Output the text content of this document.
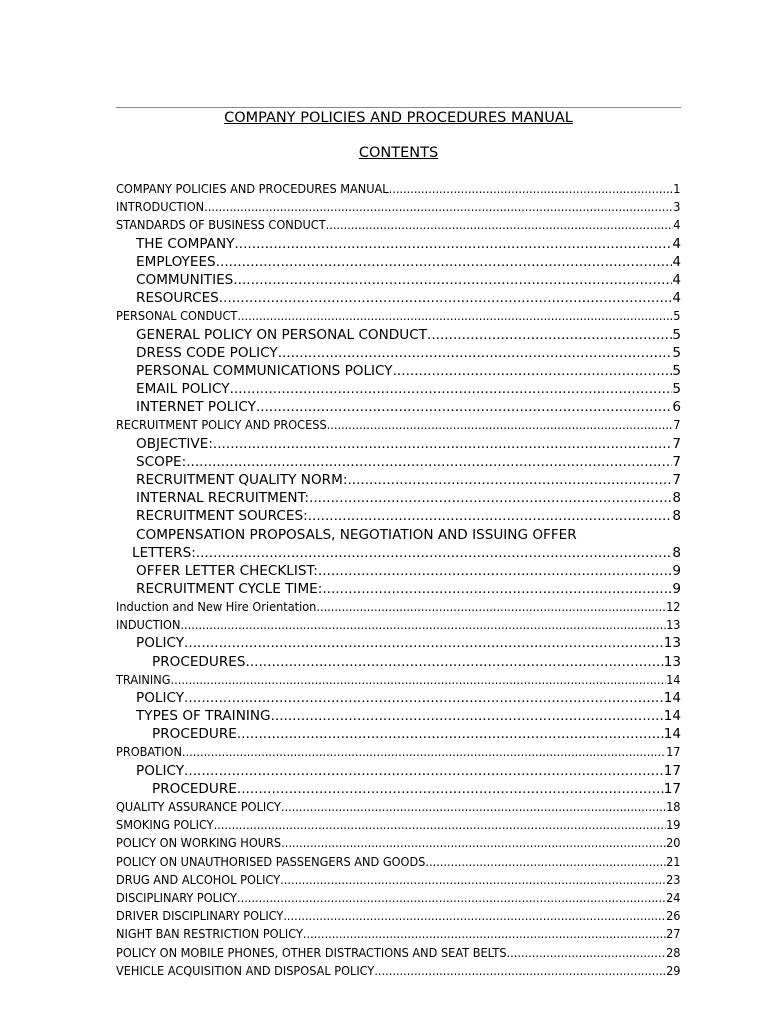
COMPANY POLICIES AND PROCEDURES MANUAL
CONTENTS
COMPANY POLICIES AND PROCEDURES MANUAL .....	1
INTRODUCTION .....	3
STANDARDS OF BUSINESS CONDUCT .....	4
THE COMPANY .....	4
EMPLOYEES .....	4
COMMUNITIES .....	4
RESOURCES .....	4
PERSONAL CONDUCT .....	5
GENERAL POLICY ON PERSONAL CONDUCT .....	5
DRESS CODE POLICY .....	5
PERSONAL COMMUNICATIONS POLICY .....	5
EMAIL POLICY .....	5
INTERNET POLICY .....	6
RECRUITMENT POLICY AND PROCESS .....	7
OBJECTIVE: .....	7
SCOPE: .....	7
RECRUITMENT QUALITY NORM: .....	7
INTERNAL RECRUITMENT: .....	8
RECRUITMENT SOURCES: .....	8
COMPENSATION PROPOSALS, NEGOTIATION AND ISSUING OFFER
LETTERS: .....	8
OFFER LETTER CHECKLIST: .....	9
RECRUITMENT CYCLE TIME: .....	9
Induction and New Hire Orientation .....	12
INDUCTION .....	13
POLICY .....	13
PROCEDURES .....	13
TRAINING .....	14
POLICY .....	14
TYPES OF TRAINING .....	14
PROCEDURE .....	14
PROBATION .....	17
POLICY .....	17
PROCEDURE .....	17
QUALITY ASSURANCE POLICY .....	18
SMOKING POLICY .....	19
POLICY ON WORKING HOURS .....	20
POLICY ON UNAUTHORISED PASSENGERS AND GOODS .....	21
DRUG AND ALCOHOL POLICY .....	23
DISCIPLINARY POLICY .....	24
DRIVER DISCIPLINARY POLICY .....	26
NIGHT BAN RESTRICTION POLICY .....	27
POLICY ON MOBILE PHONES, OTHER DISTRACTIONS AND SEAT BELTS .....	28
VEHICLE ACQUISITION AND DISPOSAL POLICY .....	29
